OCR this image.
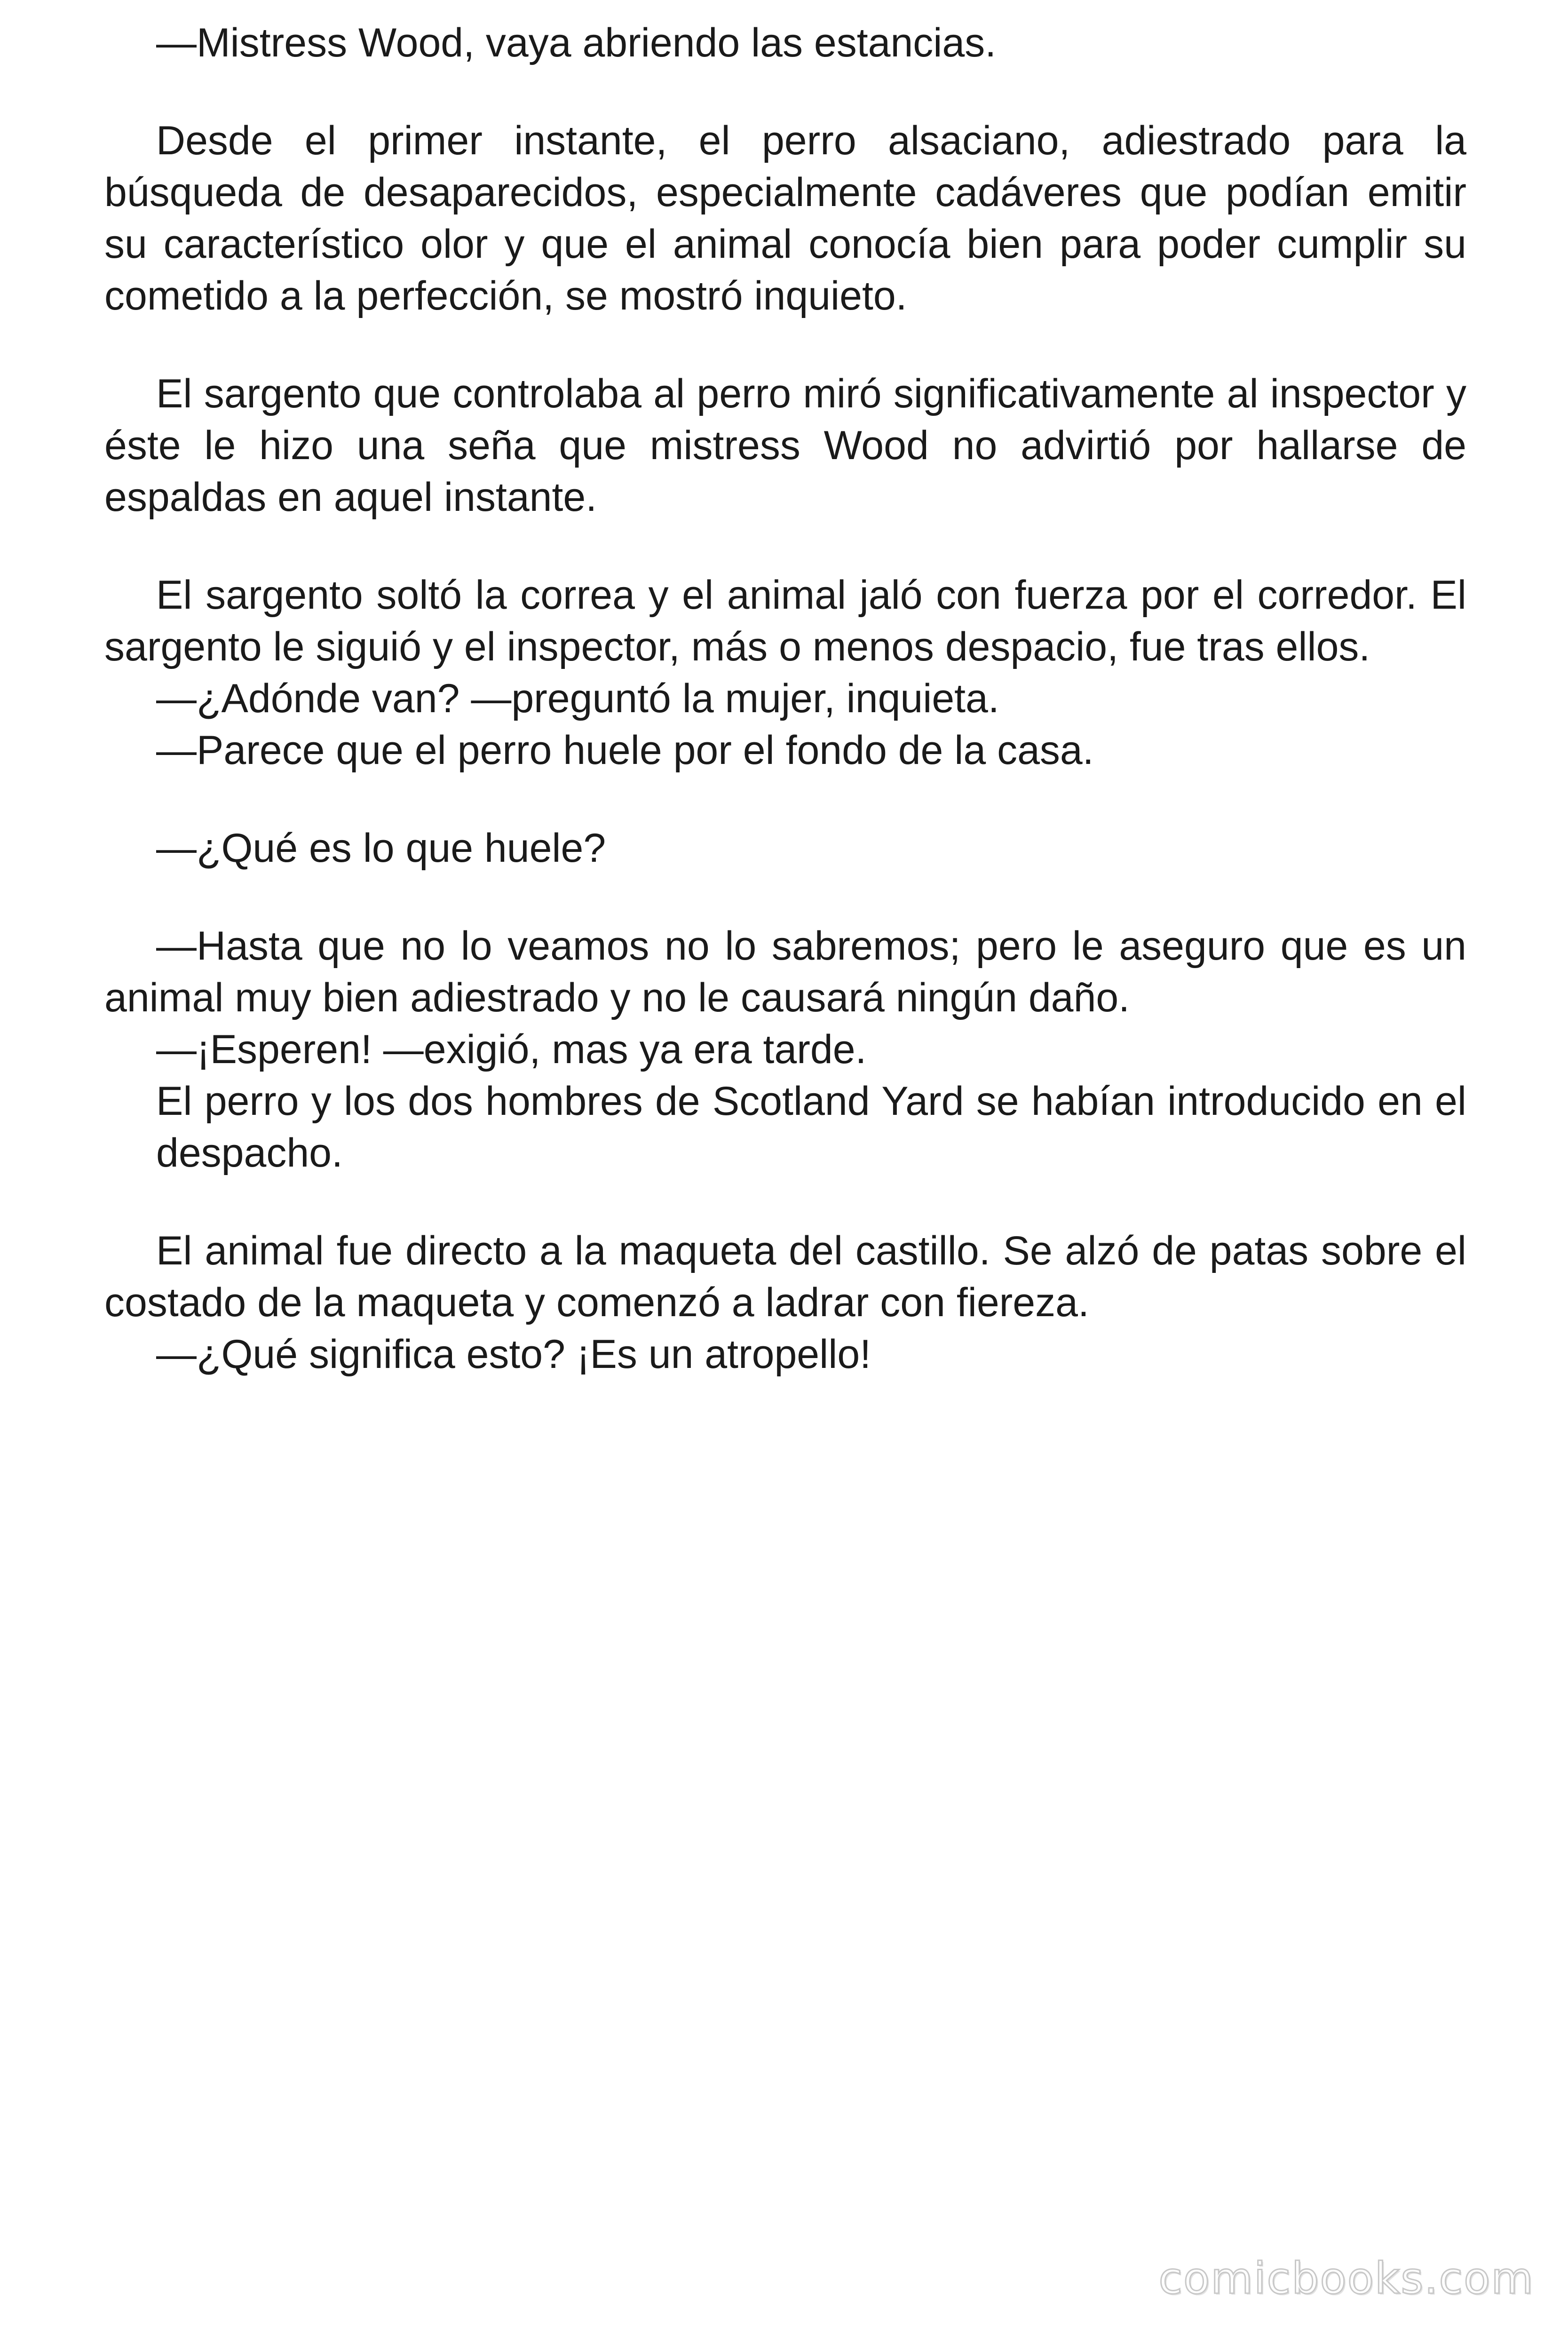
—Mistress Wood, vaya abriendo las estancias.

Desde el primer instante, el perro alsaciano, adiestrado para la búsqueda de desaparecidos, especialmente cadáveres que podían emitir su característico olor y que el animal conocía bien para poder cumplir su cometido a la perfección, se mostró inquieto.

El sargento que controlaba al perro miró significativamente al inspector y éste le hizo una seña que mistress Wood no advirtió por hallarse de espaldas en aquel instante.

El sargento soltó la correa y el animal jaló con fuerza por el corredor. El sargento le siguió y el inspector, más o menos despacio, fue tras ellos.

—¿Adónde van? —preguntó la mujer, inquieta.

—Parece que el perro huele por el fondo de la casa.

—¿Qué es lo que huele?

—Hasta que no lo veamos no lo sabremos; pero le aseguro que es un animal muy bien adiestrado y no le causará ningún daño.

—¡Esperen! —exigió, mas ya era tarde.

El perro y los dos hombres de Scotland Yard se habían introducido en el despacho.

El animal fue directo a la maqueta del castillo. Se alzó de patas sobre el costado de la maqueta y comenzó a ladrar con fiereza.

—¿Qué significa esto? ¡Es un atropello!

comicbooks.com
